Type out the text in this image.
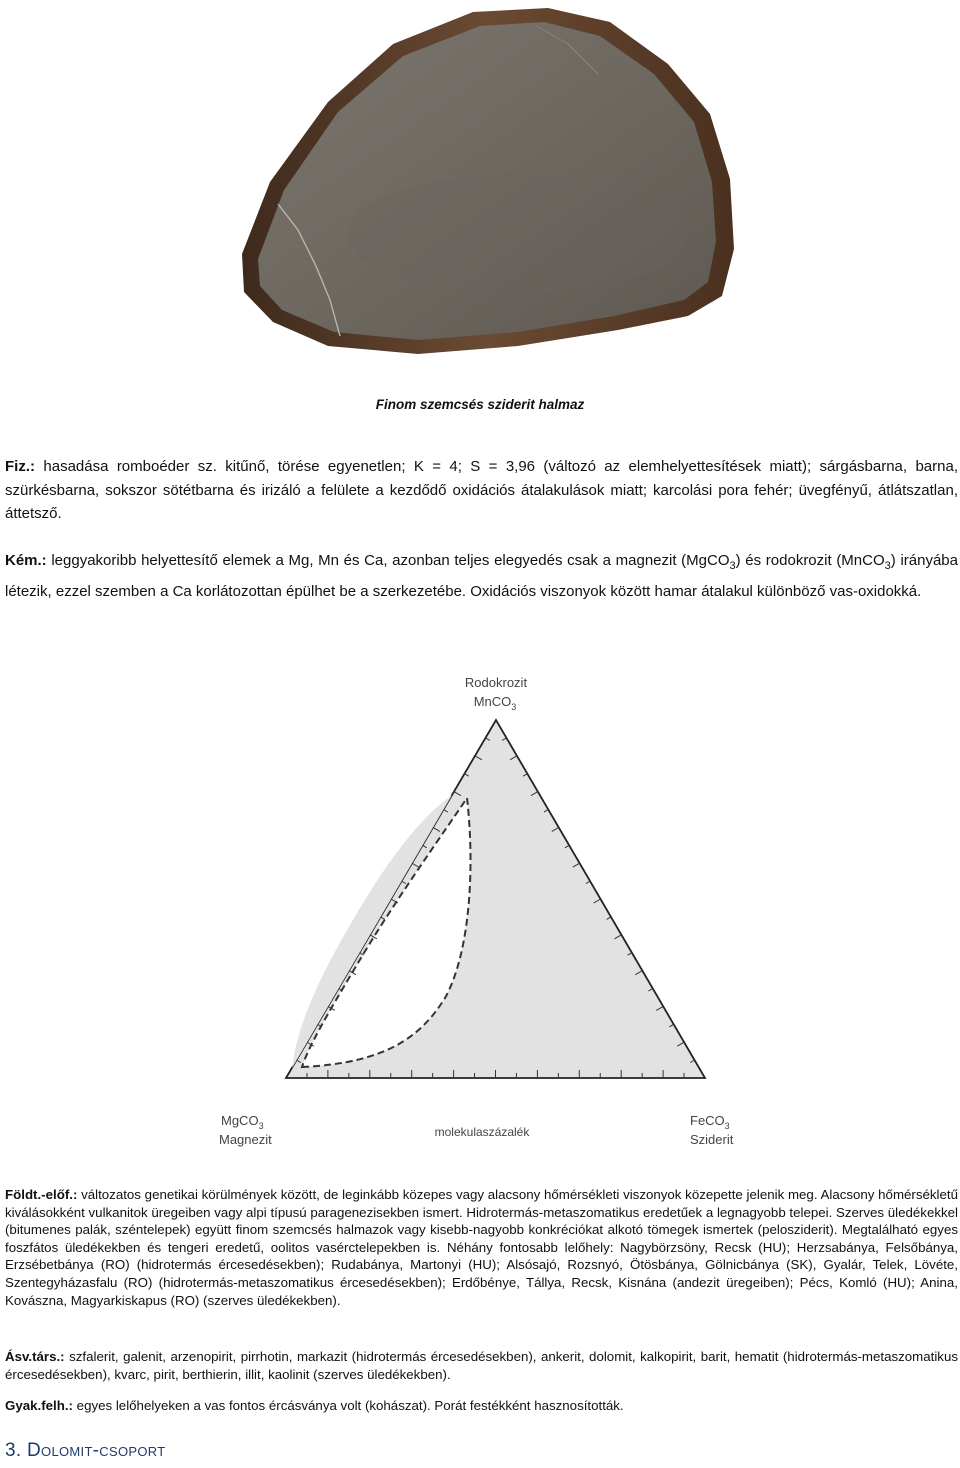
Finom szemcsés sziderit halmaz
Fiz.: hasadása romboéder sz. kitűnő, törése egyenetlen; K = 4; S = 3,96 (változó az elemhelyettesítések miatt); sárgásbarna, barna, szürkésbarna, sokszor sötétbarna és irizáló a felülete a kezdődő oxidációs átalakulások miatt; karcolási pora fehér; üvegfényű, átlátszatlan, áttetsző.
Kém.: leggyakoribb helyettesítő elemek a Mg, Mn és Ca, azonban teljes elegyedés csak a magnezit (MgCO$_3$) és rodokrozit (MnCO$_3$) irányába létezik, ezzel szemben a Ca korlátozottan épülhet be a szerkezetébe. Oxidációs viszonyok között hamar átalakul különböző vas-oxidokká.
Rodokrozit
MnCO$_3$
MgCO$_3$
Magnezit
FeCO$_3$
Sziderit
molekulaszázalék
Földt.-előf.: változatos genetikai körülmények között, de leginkább közepes vagy alacsony hőmérsékleti viszonyok közepette jelenik meg. Alacsony hőmérsékletű kiválásokként vulkanitok üregeiben vagy alpi típusú paragenezisekben ismert. Hidrotermás-metaszomatikus eredetűek a legnagyobb telepei. Szerves üledékekkel (bitumenes palák, széntelepek) együtt finom szemcsés halmazok vagy kisebb-nagyobb konkréciókat alkotó tömegek ismertek (pelosziderit). Megtalálható egyes foszfátos üledékekben és tengeri eredetű, oolitos vasérctelepekben is. Néhány fontosabb lelőhely: Nagybörzsöny, Recsk (HU); Herzsabánya, Felsőbánya, Erzsébetbánya (RO) (hidrotermás ércesedésekben); Rudabánya, Martonyi (HU); Alsósajó, Rozsnyó, Ötösbánya, Gölnicbánya (SK), Gyalár, Telek, Lövéte, Szentegyházasfalu (RO) (hidrotermás-metaszomatikus ércesedésekben); Erdőbénye, Tállya, Recsk, Kisnána (andezit üregeiben); Pécs, Komló (HU); Anina, Kovászna, Magyarkiskapus (RO) (szerves üledékekben).
Ásv.társ.: szfalerit, galenit, arzenopirit, pirrhotin, markazit (hidrotermás ércesedésekben), ankerit, dolomit, kalkopirit, barit, hematit (hidrotermás-metaszomatikus ércesedésekben), kvarc, pirit, berthierin, illit, kaolinit (szerves üledékekben).
Gyak.felh.: egyes lelőhelyeken a vas fontos ércásványa volt (kohászat). Porát festékként hasznosították.
3. Dolomit-csoport
